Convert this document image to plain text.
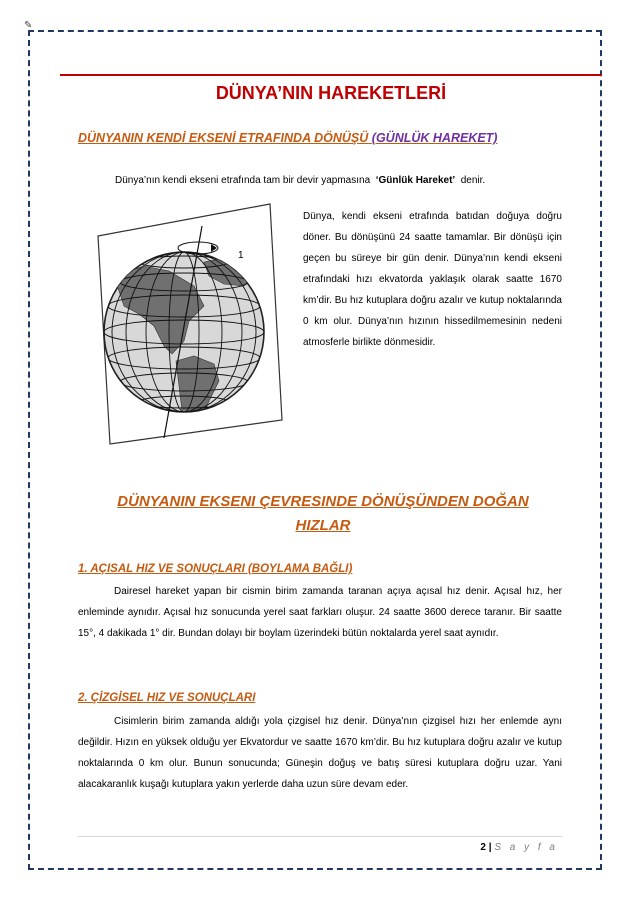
✎
DÜNYA’NIN HAREKETLERİ
DÜNYANIN KENDİ EKSENİ ETRAFINDA DÖNÜŞÜ (GÜNLÜK HAREKET)
Dünya’nın kendi ekseni etrafında tam bir devir yapmasına ‘Günlük Hareket’ denir.
1
Dünya, kendi ekseni etrafında batıdan doğuya doğru döner. Bu dönüşünü 24 saatte tamamlar. Bir dönüşü için geçen bu süreye bir gün denir. Dünya’nın kendi ekseni etrafındaki hızı ekvatorda yaklaşık olarak saatte 1670 km’dir. Bu hız kutuplara doğru azalır ve kutup noktalarında 0 km olur. Dünya’nın hızının hissedilmemesinin nedeni atmosferle birlikte dönmesidir.
DÜNYANIN EKSENI ÇEVRESINDE DÖNÜŞÜNDEN DOĞAN
HIZLAR
1. AÇISAL HIZ VE SONUÇLARI (BOYLAMA BAĞLI)
Dairesel hareket yapan bir cismin birim zamanda taranan açıya açısal hız denir. Açısal hız, her enleminde aynıdır. Açısal hız sonucunda yerel saat farkları oluşur. 24 saatte 3600 derece taranır. Bir saatte 15°, 4 dakikada 1° dir. Bundan dolayı bir boylam üzerindeki bütün noktalarda yerel saat aynıdır.
2. ÇİZGİSEL HIZ VE SONUÇLARI
Cisimlerin birim zamanda aldığı yola çizgisel hız denir. Dünya’nın çizgisel hızı her enlemde aynı değildir. Hızın en yüksek olduğu yer Ekvatordur ve saatte 1670 km’dir. Bu hız kutuplara doğru azalır ve kutup noktalarında 0 km olur. Bunun sonucunda; Güneşin doğuş ve batış süresi kutuplara doğru uzar. Yani alacakaranlık kuşağı kutuplara yakın yerlerde daha uzun süre devam eder.
2 | S a y f a
